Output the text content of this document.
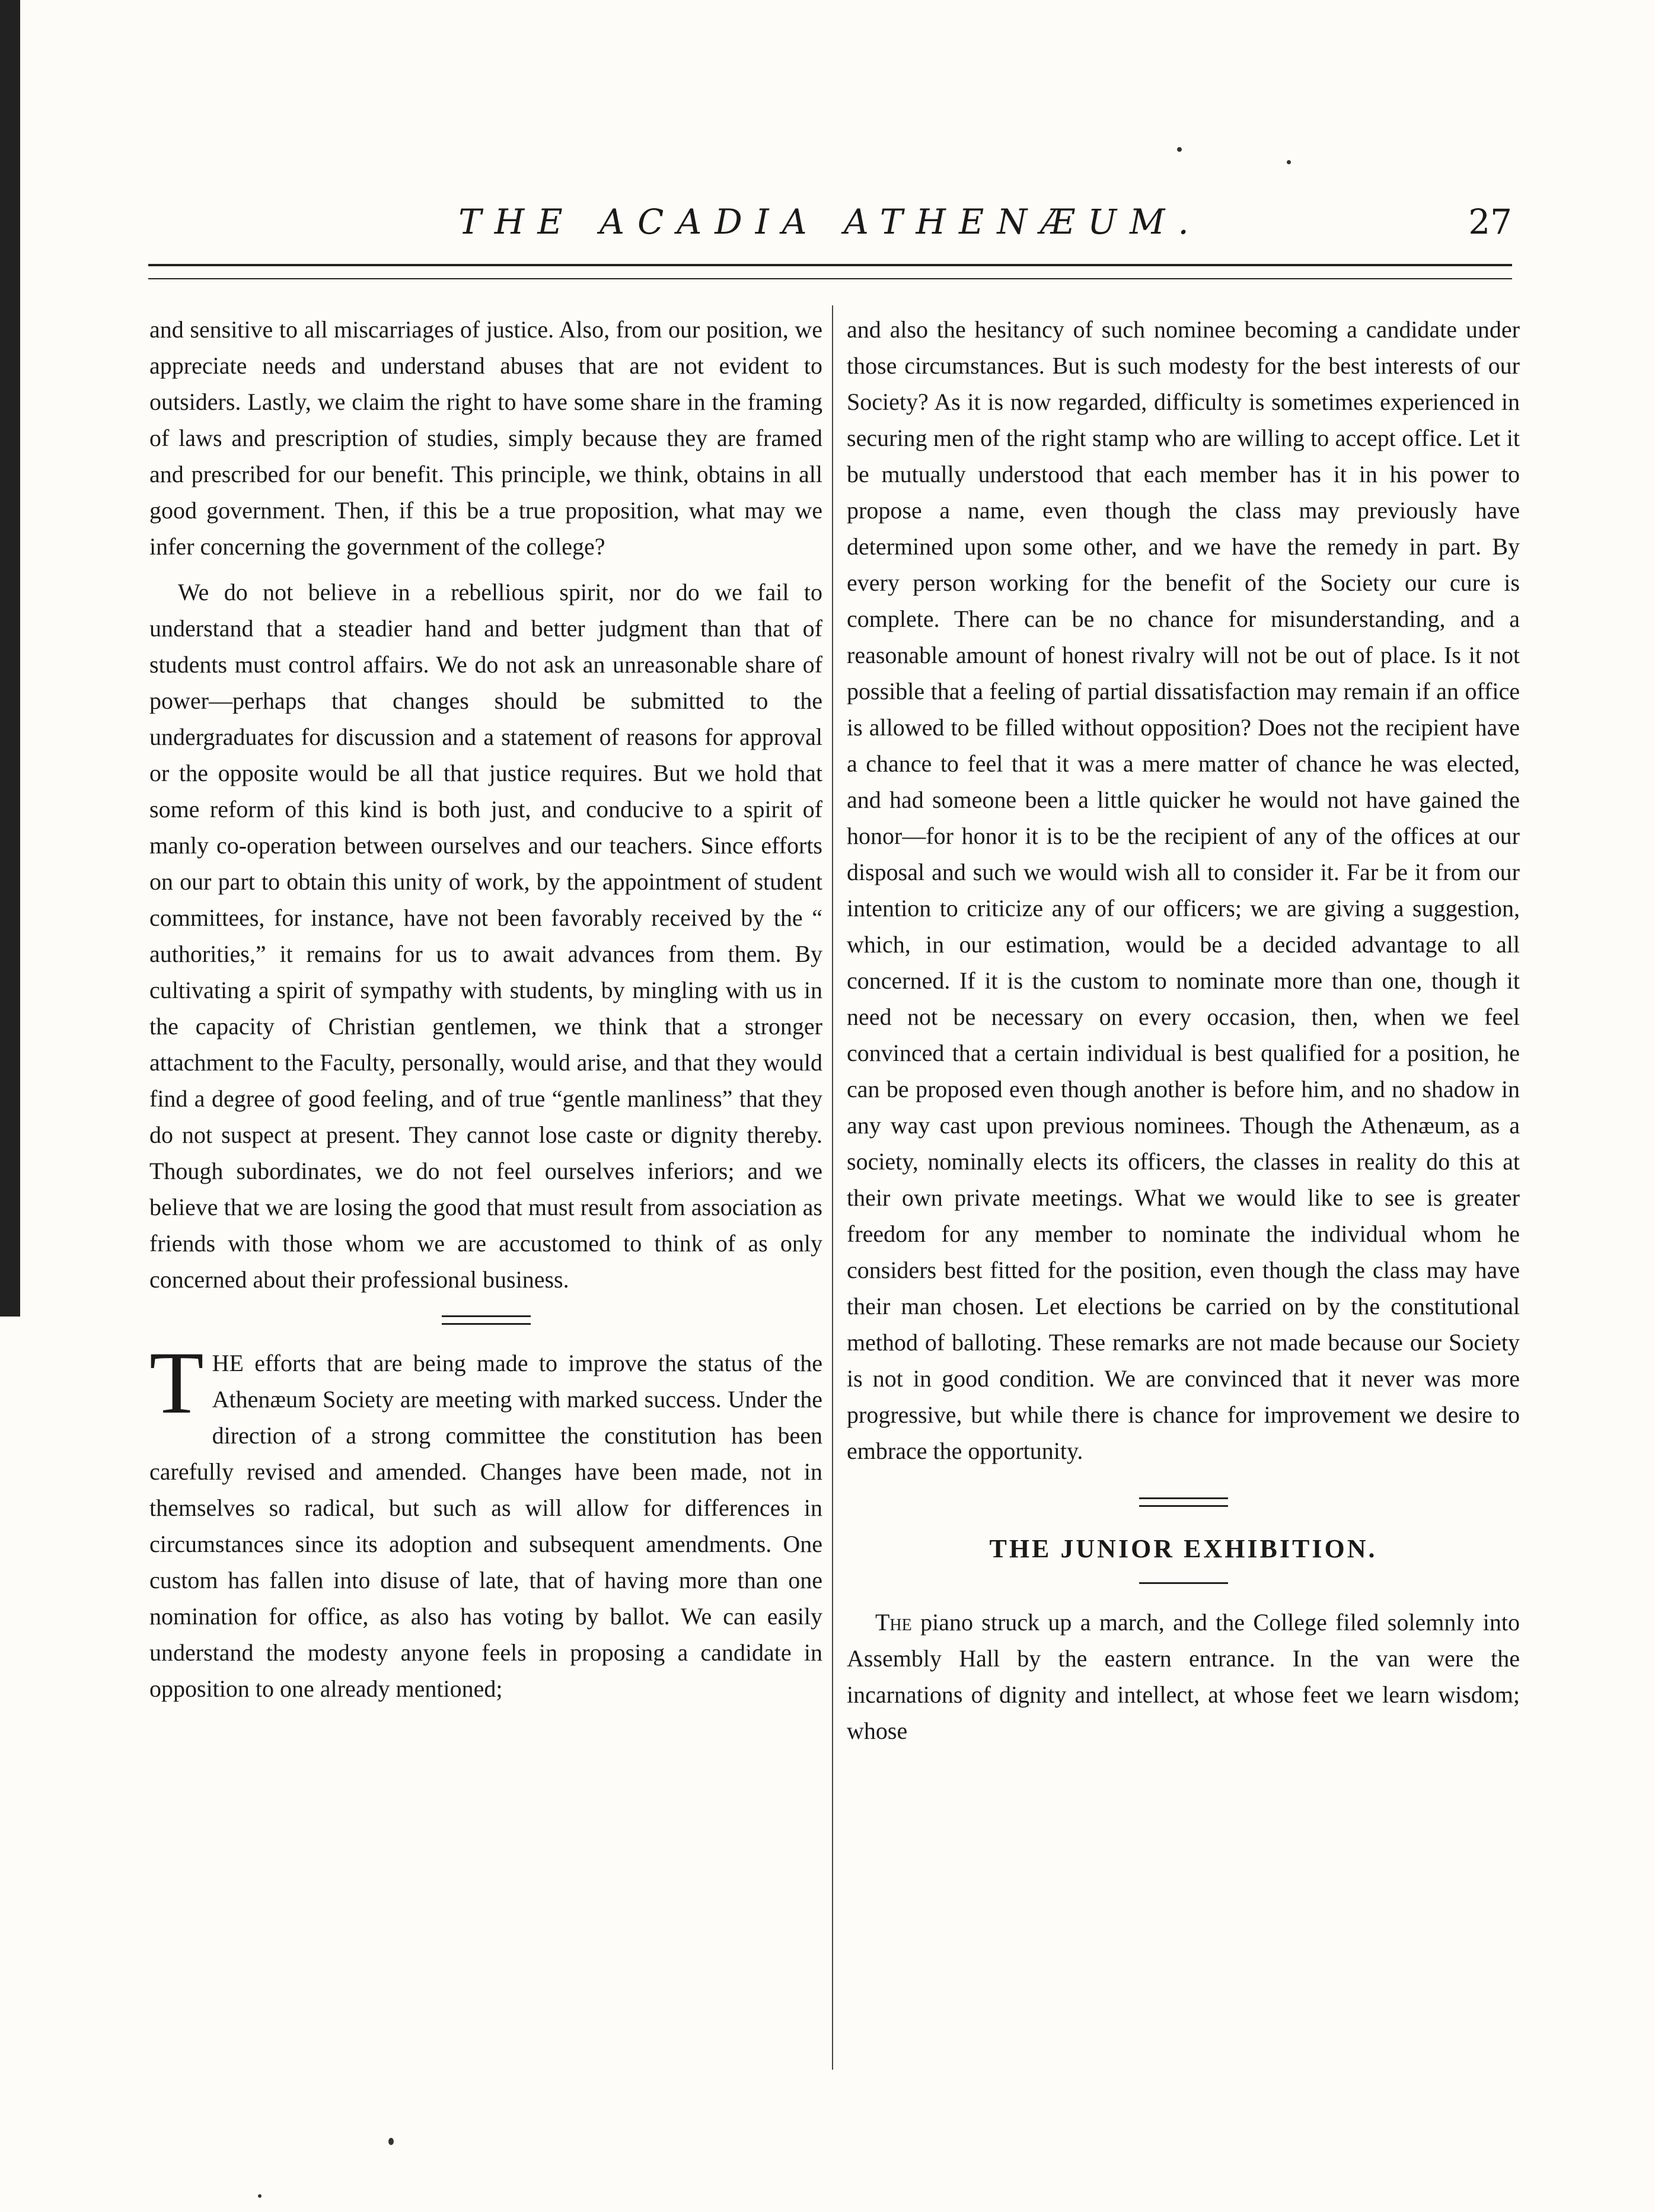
THE ACADIA ATHENÆUM.	27

and sensitive to all miscarriages of justice. Also, from our position, we appreciate needs and understand abuses that are not evident to outsiders. Lastly, we claim the right to have some share in the framing of laws and prescription of studies, simply because they are framed and prescribed for our benefit. This principle, we think, obtains in all good government. Then, if this be a true proposition, what may we infer concerning the government of the college?

We do not believe in a rebellious spirit, nor do we fail to understand that a steadier hand and better judgment than that of students must control affairs. We do not ask an unreasonable share of power—perhaps that changes should be submitted to the undergraduates for discussion and a statement of reasons for approval or the opposite would be all that justice requires. But we hold that some reform of this kind is both just, and conducive to a spirit of manly co-operation between ourselves and our teachers. Since efforts on our part to obtain this unity of work, by the appointment of student committees, for instance, have not been favorably received by the “ authorities,” it remains for us to await advances from them. By cultivating a spirit of sympathy with students, by mingling with us in the capacity of Christian gentlemen, we think that a stronger attachment to the Faculty, personally, would arise, and that they would find a degree of good feeling, and of true “gentle manliness” that they do not suspect at present. They cannot lose caste or dignity thereby. Though subordinates, we do not feel ourselves inferiors; and we believe that we are losing the good that must result from association as friends with those whom we are accustomed to think of as only concerned about their professional business.

THE efforts that are being made to improve the status of the Athenæum Society are meeting with marked success. Under the direction of a strong committee the constitution has been carefully revised and amended. Changes have been made, not in themselves so radical, but such as will allow for differences in circumstances since its adoption and subsequent amendments. One custom has fallen into disuse of late, that of having more than one nomination for office, as also has voting by ballot. We can easily understand the modesty anyone feels in proposing a candidate in opposition to one already mentioned;

and also the hesitancy of such nominee becoming a candidate under those circumstances. But is such modesty for the best interests of our Society? As it is now regarded, difficulty is sometimes experienced in securing men of the right stamp who are willing to accept office. Let it be mutually understood that each member has it in his power to propose a name, even though the class may previously have determined upon some other, and we have the remedy in part. By every person working for the benefit of the Society our cure is complete. There can be no chance for misunderstanding, and a reasonable amount of honest rivalry will not be out of place. Is it not possible that a feeling of partial dissatisfaction may remain if an office is allowed to be filled without opposition? Does not the recipient have a chance to feel that it was a mere matter of chance he was elected, and had someone been a little quicker he would not have gained the honor—for honor it is to be the recipient of any of the offices at our disposal and such we would wish all to consider it. Far be it from our intention to criticize any of our officers; we are giving a suggestion, which, in our estimation, would be a decided advantage to all concerned. If it is the custom to nominate more than one, though it need not be necessary on every occasion, then, when we feel convinced that a certain individual is best qualified for a position, he can be proposed even though another is before him, and no shadow in any way cast upon previous nominees. Though the Athenæum, as a society, nominally elects its officers, the classes in reality do this at their own private meetings. What we would like to see is greater freedom for any member to nominate the individual whom he considers best fitted for the position, even though the class may have their man chosen. Let elections be carried on by the constitutional method of balloting. These remarks are not made because our Society is not in good condition. We are convinced that it never was more progressive, but while there is chance for improvement we desire to embrace the opportunity.

THE JUNIOR EXHIBITION.

The piano struck up a march, and the College filed solemnly into Assembly Hall by the eastern entrance. In the van were the incarnations of dignity and intellect, at whose feet we learn wisdom; whose
